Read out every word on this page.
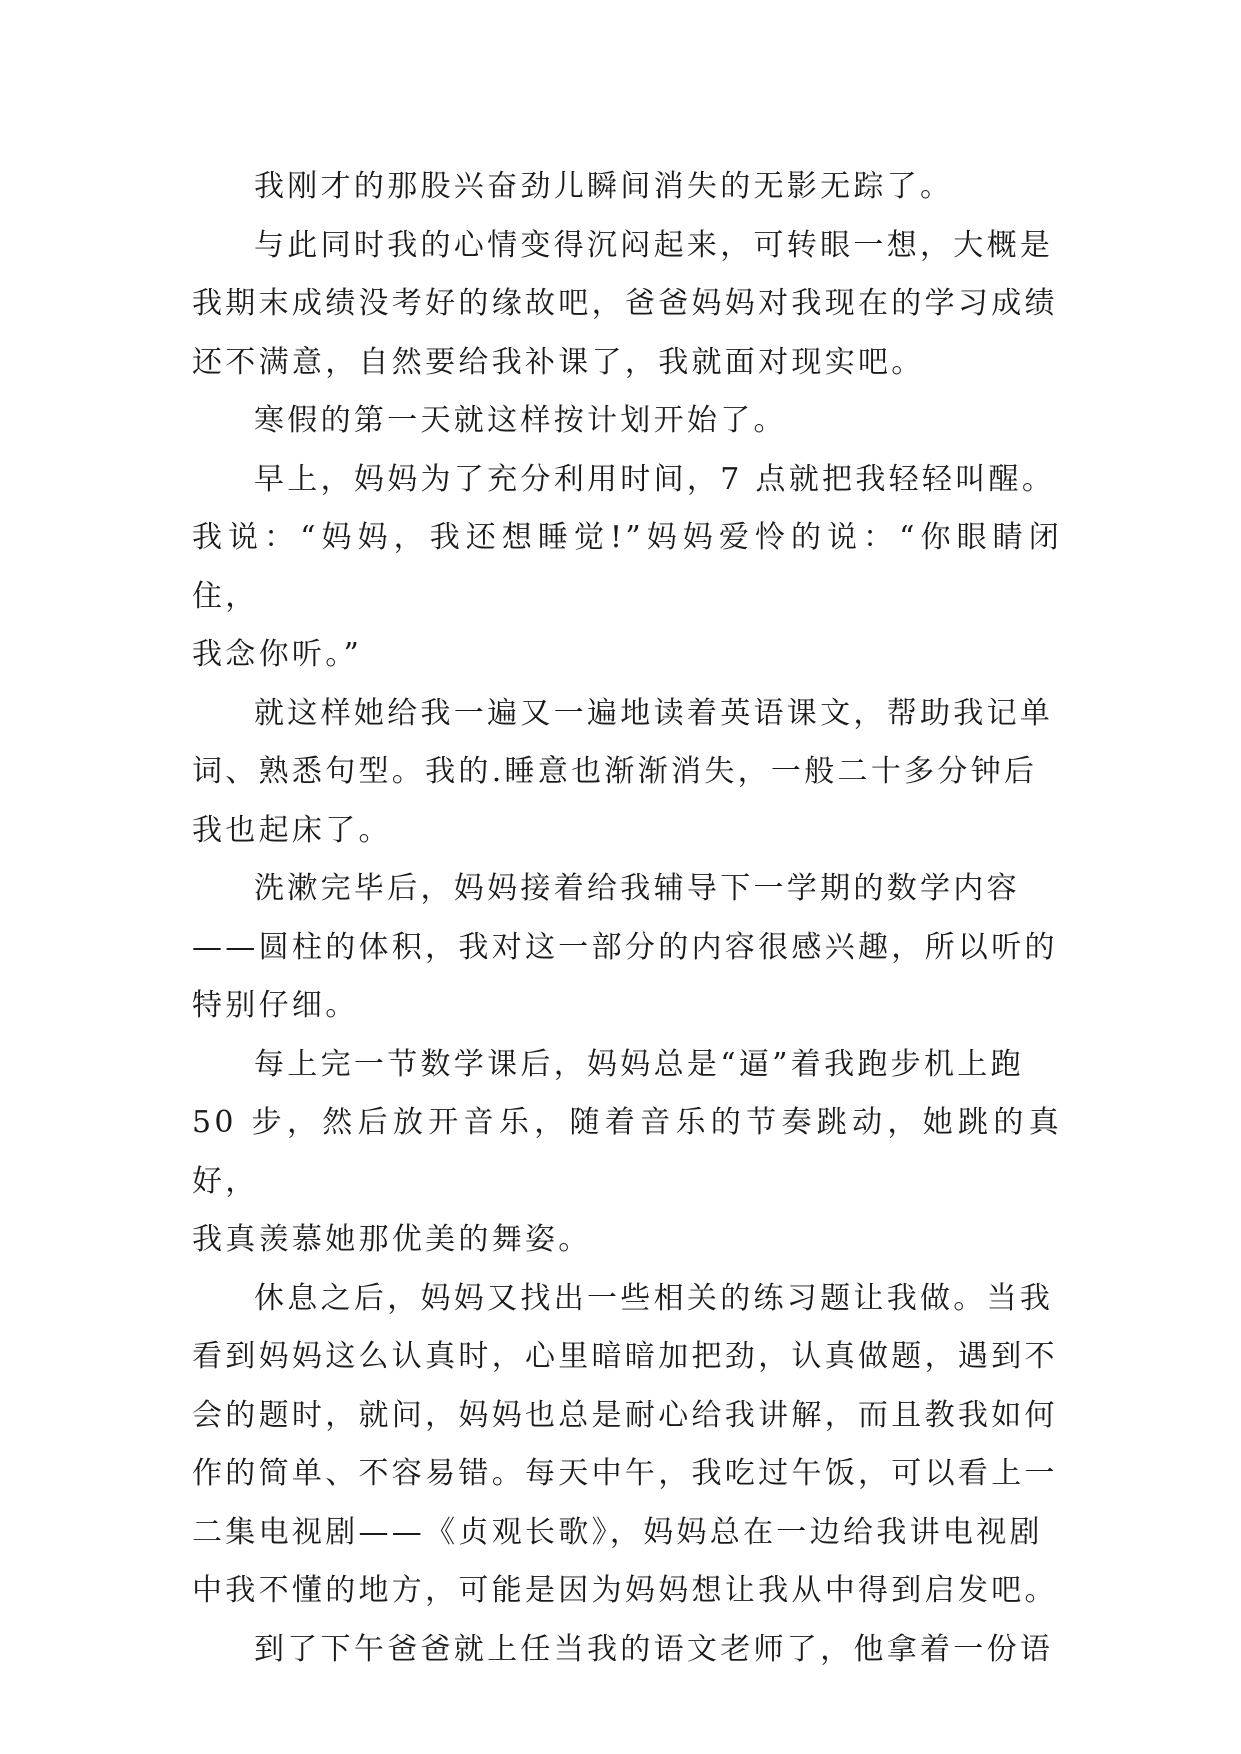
我刚才的那股兴奋劲儿瞬间消失的无影无踪了。

与此同时我的心情变得沉闷起来，可转眼一想，大概是
我期末成绩没考好的缘故吧，爸爸妈妈对我现在的学习成绩
还不满意，自然要给我补课了，我就面对现实吧。

寒假的第一天就这样按计划开始了。

早上，妈妈为了充分利用时间，7 点就把我轻轻叫醒。
我说：“妈妈，我还想睡觉!”妈妈爱怜的说：“你眼睛闭住，
我念你听。”

就这样她给我一遍又一遍地读着英语课文，帮助我记单
词、熟悉句型。我的.睡意也渐渐消失，一般二十多分钟后
我也起床了。

洗漱完毕后，妈妈接着给我辅导下一学期的数学内容
——圆柱的体积，我对这一部分的内容很感兴趣，所以听的
特别仔细。

每上完一节数学课后，妈妈总是“逼”着我跑步机上跑
50 步，然后放开音乐，随着音乐的节奏跳动，她跳的真好，
我真羡慕她那优美的舞姿。

休息之后，妈妈又找出一些相关的练习题让我做。当我
看到妈妈这么认真时，心里暗暗加把劲，认真做题，遇到不
会的题时，就问，妈妈也总是耐心给我讲解，而且教我如何
作的简单、不容易错。每天中午，我吃过午饭，可以看上一
二集电视剧——《贞观长歌》，妈妈总在一边给我讲电视剧
中我不懂的地方，可能是因为妈妈想让我从中得到启发吧。

到了下午爸爸就上任当我的语文老师了，他拿着一份语
